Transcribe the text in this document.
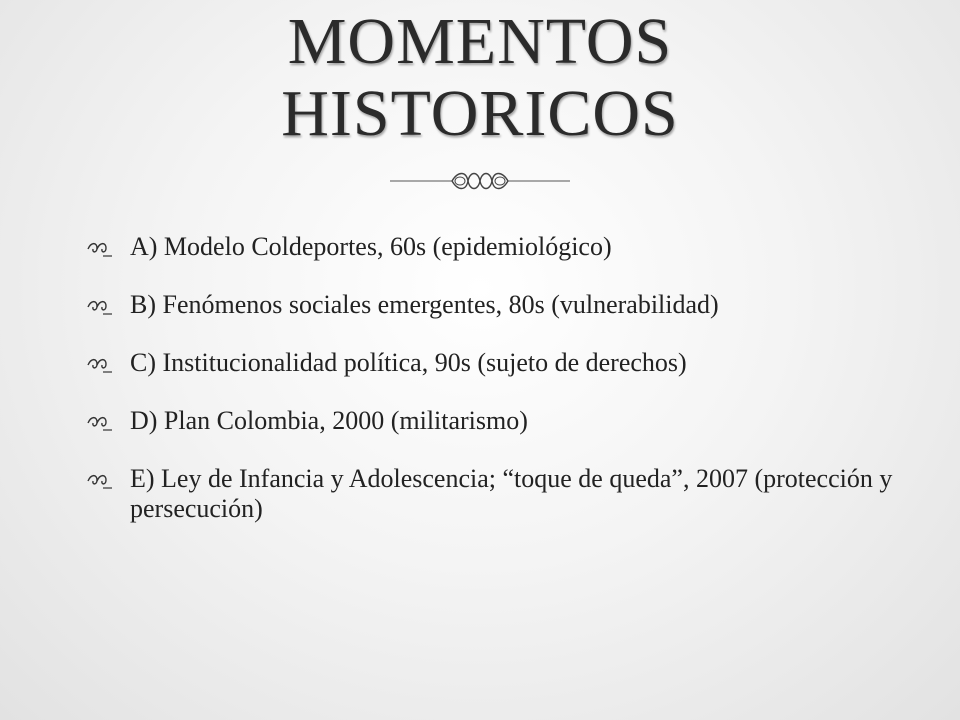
MOMENTOS
HISTORICOS
A) Modelo Coldeportes, 60s (epidemiológico)
B) Fenómenos sociales emergentes, 80s (vulnerabilidad)
C) Institucionalidad política, 90s (sujeto de derechos)
D) Plan Colombia, 2000 (militarismo)
E) Ley de Infancia y Adolescencia; “toque de queda”, 2007 (protección y persecución)
